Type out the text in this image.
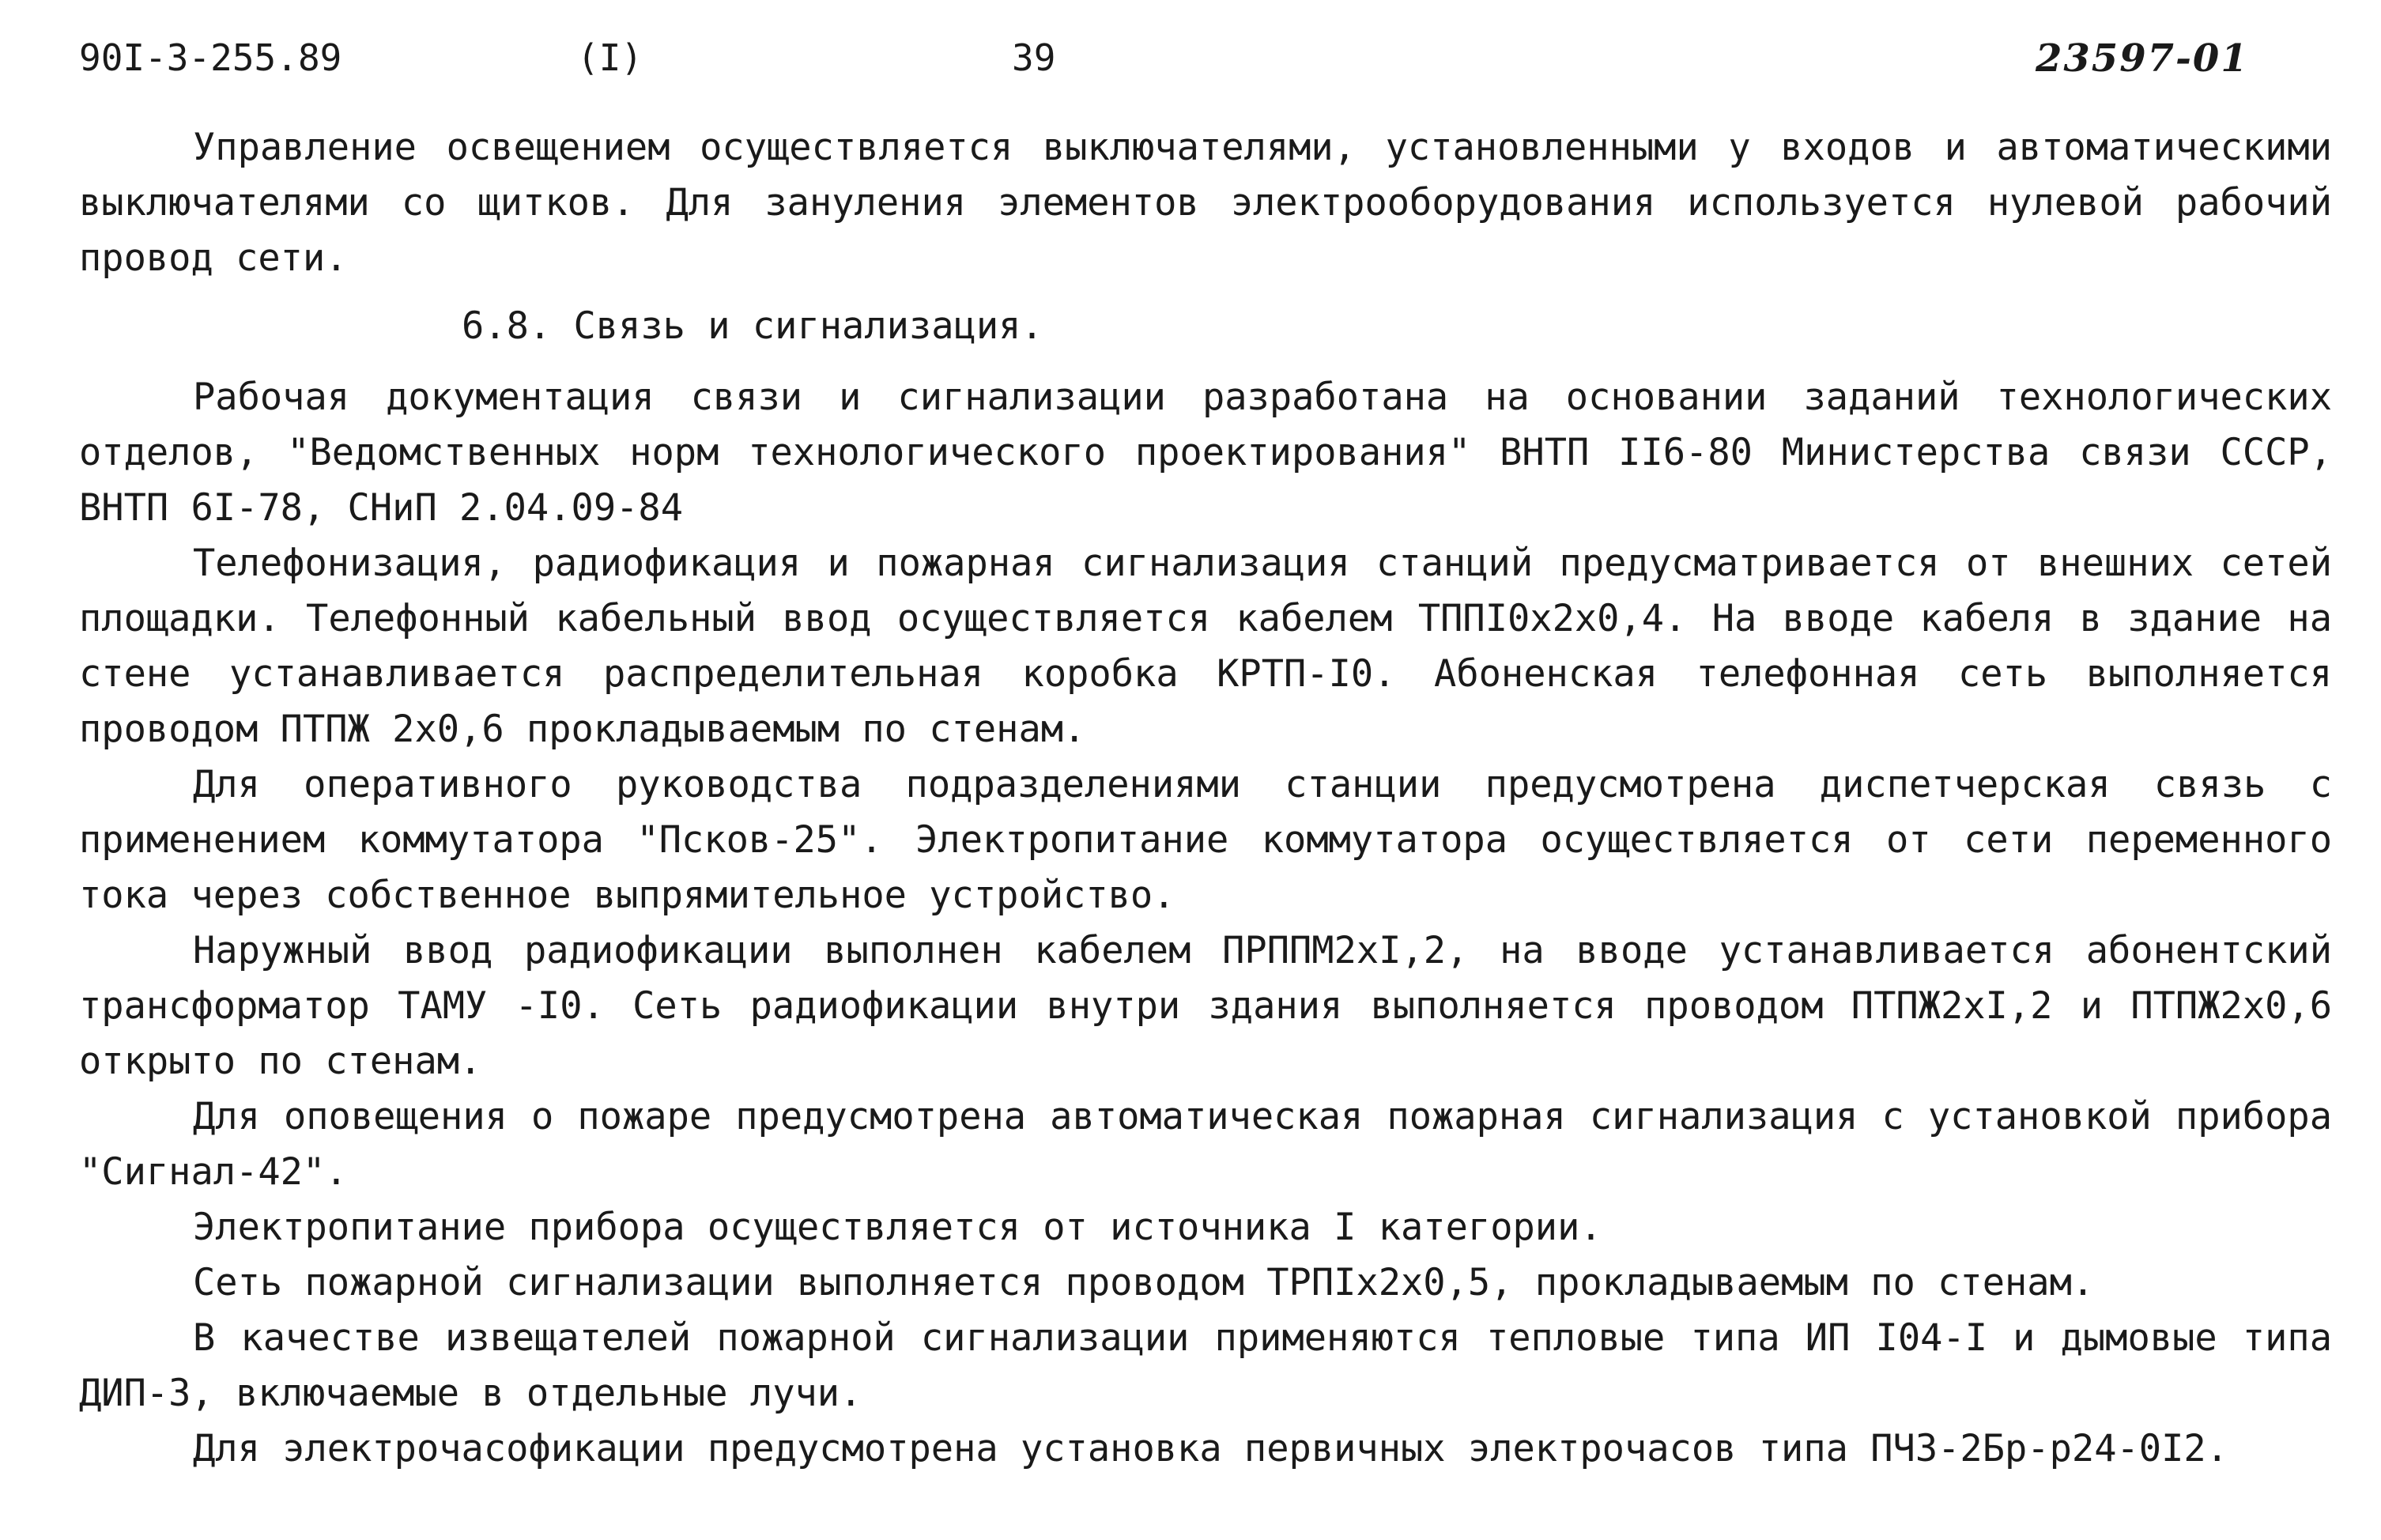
90I-3-255.89	(I)	39	23597-01

Управление освещением осуществляется выключателями, установленными у входов и автоматическими выключателями со щитков. Для зануления элементов электрооборудования используется нулевой рабочий провод сети.

6.8. Связь и сигнализация.

Рабочая документация связи и сигнализации разработана на основании заданий технологических отделов, "Ведомственных норм технологического проектирования" ВНТП II6-80 Министерства связи СССР, ВНТП 6I-78, СНиП 2.04.09-84

Телефонизация, радиофикация и пожарная сигнализация станций предусматривается от внешних сетей площадки. Телефонный кабельный ввод осуществляется кабелем ТППI0х2х0,4. На вводе кабеля в здание на стене устанавливается распределительная коробка КРТП-I0. Абоненская телефонная сеть выполняется проводом ПТПЖ 2х0,6 прокладываемым по стенам.

Для оперативного руководства подразделениями станции предусмотрена диспетчерская связь с применением коммутатора "Псков-25". Электропитание коммутатора осуществляется от сети переменного тока через собственное выпрямительное устройство.

Наружный ввод радиофикации выполнен кабелем ПРППМ2хI,2, на вводе устанавливается абонентский трансформатор ТАМУ -I0. Сеть радиофикации внутри здания выполняется проводом ПТПЖ2хI,2 и ПТПЖ2х0,6 открыто по стенам.

Для оповещения о пожаре предусмотрена автоматическая пожарная сигнализация с установкой прибора "Сигнал-42".

Электропитание прибора осуществляется от источника I категории.

Сеть пожарной сигнализации выполняется проводом ТРПIх2х0,5, прокладываемым по стенам.

В качестве извещателей пожарной сигнализации применяются тепловые типа ИП I04-I и дымовые типа ДИП-3, включаемые в отдельные лучи.

Для электрочасофикации предусмотрена установка первичных электрочасов типа ПЧЗ-2Бр-р24-0I2.
